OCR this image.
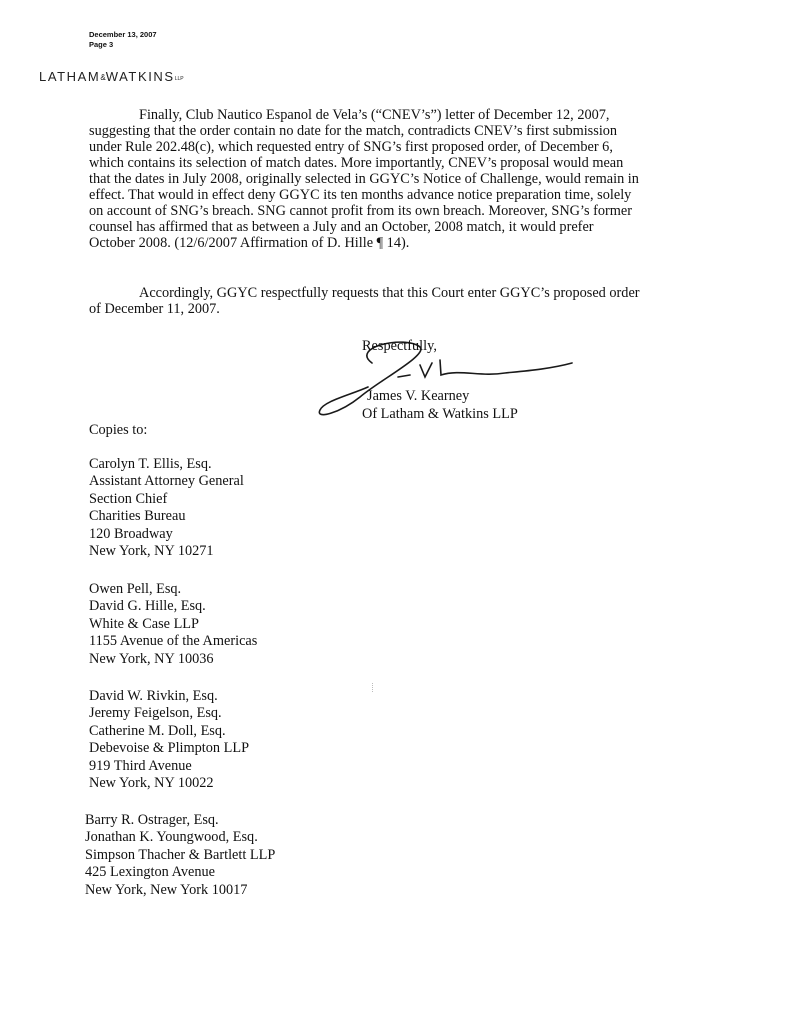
December 13, 2007
Page 3
LATHAM&WATKINSLLP
Finally, Club Nautico Espanol de Vela’s (“CNEV’s”) letter of December 12, 2007,
suggesting that the order contain no date for the match, contradicts CNEV’s first submission
under Rule 202.48(c), which requested entry of SNG’s first proposed order, of December 6,
which contains its selection of match dates. More importantly, CNEV’s proposal would mean
that the dates in July 2008, originally selected in GGYC’s Notice of Challenge, would remain in
effect. That would in effect deny GGYC its ten months advance notice preparation time, solely
on account of SNG’s breach. SNG cannot profit from its own breach. Moreover, SNG’s former
counsel has affirmed that as between a July and an October, 2008 match, it would prefer
October 2008. (12/6/2007 Affirmation of D. Hille ¶ 14).
Accordingly, GGYC respectfully requests that this Court enter GGYC’s proposed order
of December 11, 2007.
Respectfully,
James V. Kearney
Of Latham & Watkins LLP
Copies to:
Carolyn T. Ellis, Esq.
Assistant Attorney General
Section Chief
Charities Bureau
120 Broadway
New York, NY 10271
Owen Pell, Esq.
David G. Hille, Esq.
White & Case LLP
1155 Avenue of the Americas
New York, NY 10036
David W. Rivkin, Esq.
Jeremy Feigelson, Esq.
Catherine M. Doll, Esq.
Debevoise & Plimpton LLP
919 Third Avenue
New York, NY 10022
Barry R. Ostrager, Esq.
Jonathan K. Youngwood, Esq.
Simpson Thacher & Bartlett LLP
425 Lexington Avenue
New York, New York 10017
